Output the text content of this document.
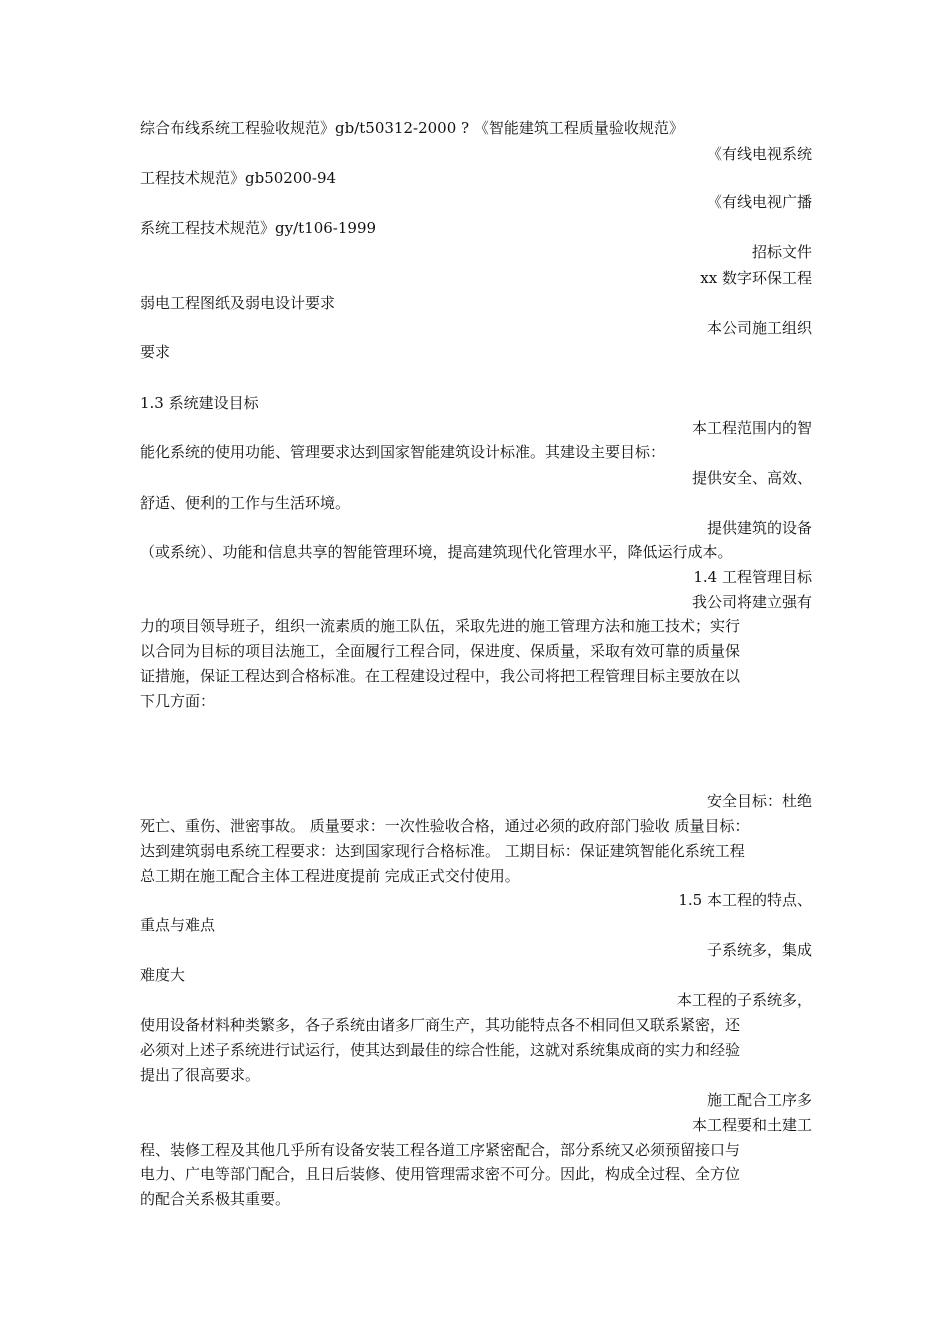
综合布线系统工程验收规范》gb/t50312-2000 ? 《智能建筑工程质量验收规范》
《有线电视系统
工程技术规范》gb50200-94
《有线电视广播
系统工程技术规范》gy/t106-1999
招标文件
xx 数字环保工程
弱电工程图纸及弱电设计要求
本公司施工组织
要求
1.3 系统建设目标
本工程范围内的智
能化系统的使用功能、管理要求达到国家智能建筑设计标准。其建设主要目标：
提供安全、高效、
舒适、便利的工作与生活环境。
提供建筑的设备
（或系统）、功能和信息共享的智能管理环境，提高建筑现代化管理水平，降低运行成本。
1.4 工程管理目标
我公司将建立强有
力的项目领导班子，组织一流素质的施工队伍，采取先进的施工管理方法和施工技术；实行
以合同为目标的项目法施工，全面履行工程合同，保进度、保质量，采取有效可靠的质量保
证措施，保证工程达到合格标准。在工程建设过程中，我公司将把工程管理目标主要放在以
下几方面：
安全目标：杜绝
死亡、重伤、泄密事故。 质量要求：一次性验收合格，通过必须的政府部门验收 质量目标：
达到建筑弱电系统工程要求：达到国家现行合格标准。 工期目标：保证建筑智能化系统工程
总工期在施工配合主体工程进度提前 完成正式交付使用。
1.5 本工程的特点、
重点与难点
子系统多，集成
难度大
本工程的子系统多，
使用设备材料种类繁多，各子系统由诸多厂商生产，其功能特点各不相同但又联系紧密，还
必须对上述子系统进行试运行，使其达到最佳的综合性能，这就对系统集成商的实力和经验
提出了很高要求。
施工配合工序多
本工程要和土建工
程、装修工程及其他几乎所有设备安装工程各道工序紧密配合，部分系统又必须预留接口与
电力、广电等部门配合，且日后装修、使用管理需求密不可分。因此，构成全过程、全方位
的配合关系极其重要。
